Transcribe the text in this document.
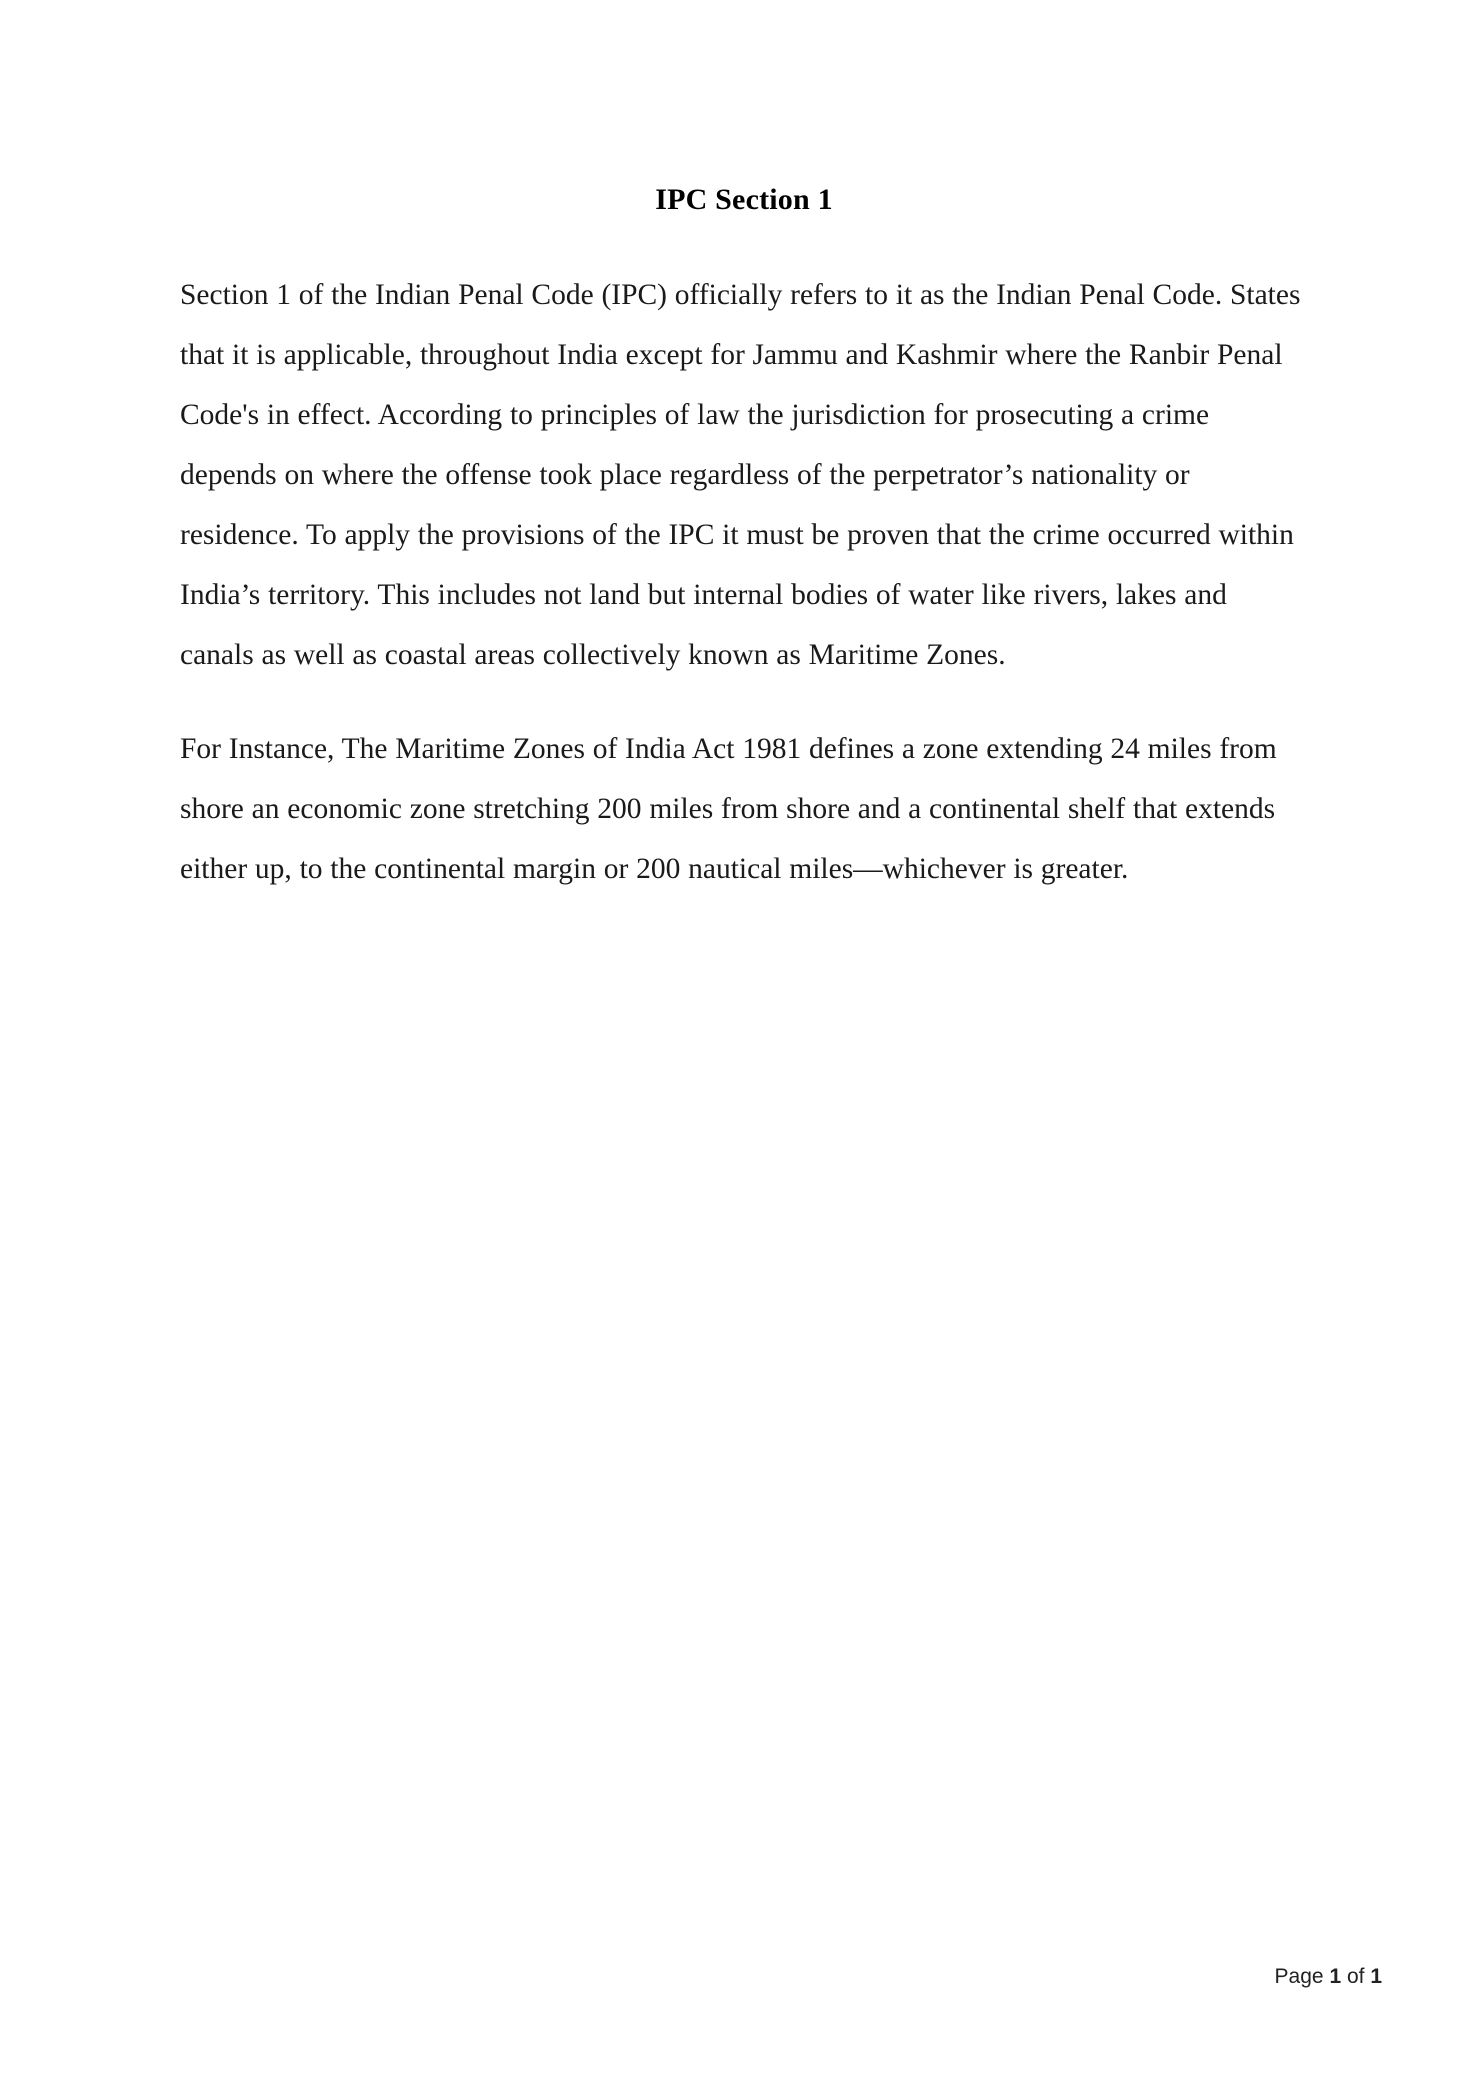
IPC Section 1

Section 1 of the Indian Penal Code (IPC) officially refers to it as the Indian Penal Code. States that it is applicable, throughout India except for Jammu and Kashmir where the Ranbir Penal Code's in effect. According to principles of law the jurisdiction for prosecuting a crime depends on where the offense took place regardless of the perpetrator’s nationality or residence. To apply the provisions of the IPC it must be proven that the crime occurred within India’s territory. This includes not land but internal bodies of water like rivers, lakes and canals as well as coastal areas collectively known as Maritime Zones.

For Instance, The Maritime Zones of India Act 1981 defines a zone extending 24 miles from shore an economic zone stretching 200 miles from shore and a continental shelf that extends either up, to the continental margin or 200 nautical miles—whichever is greater.

Page 1 of 1
